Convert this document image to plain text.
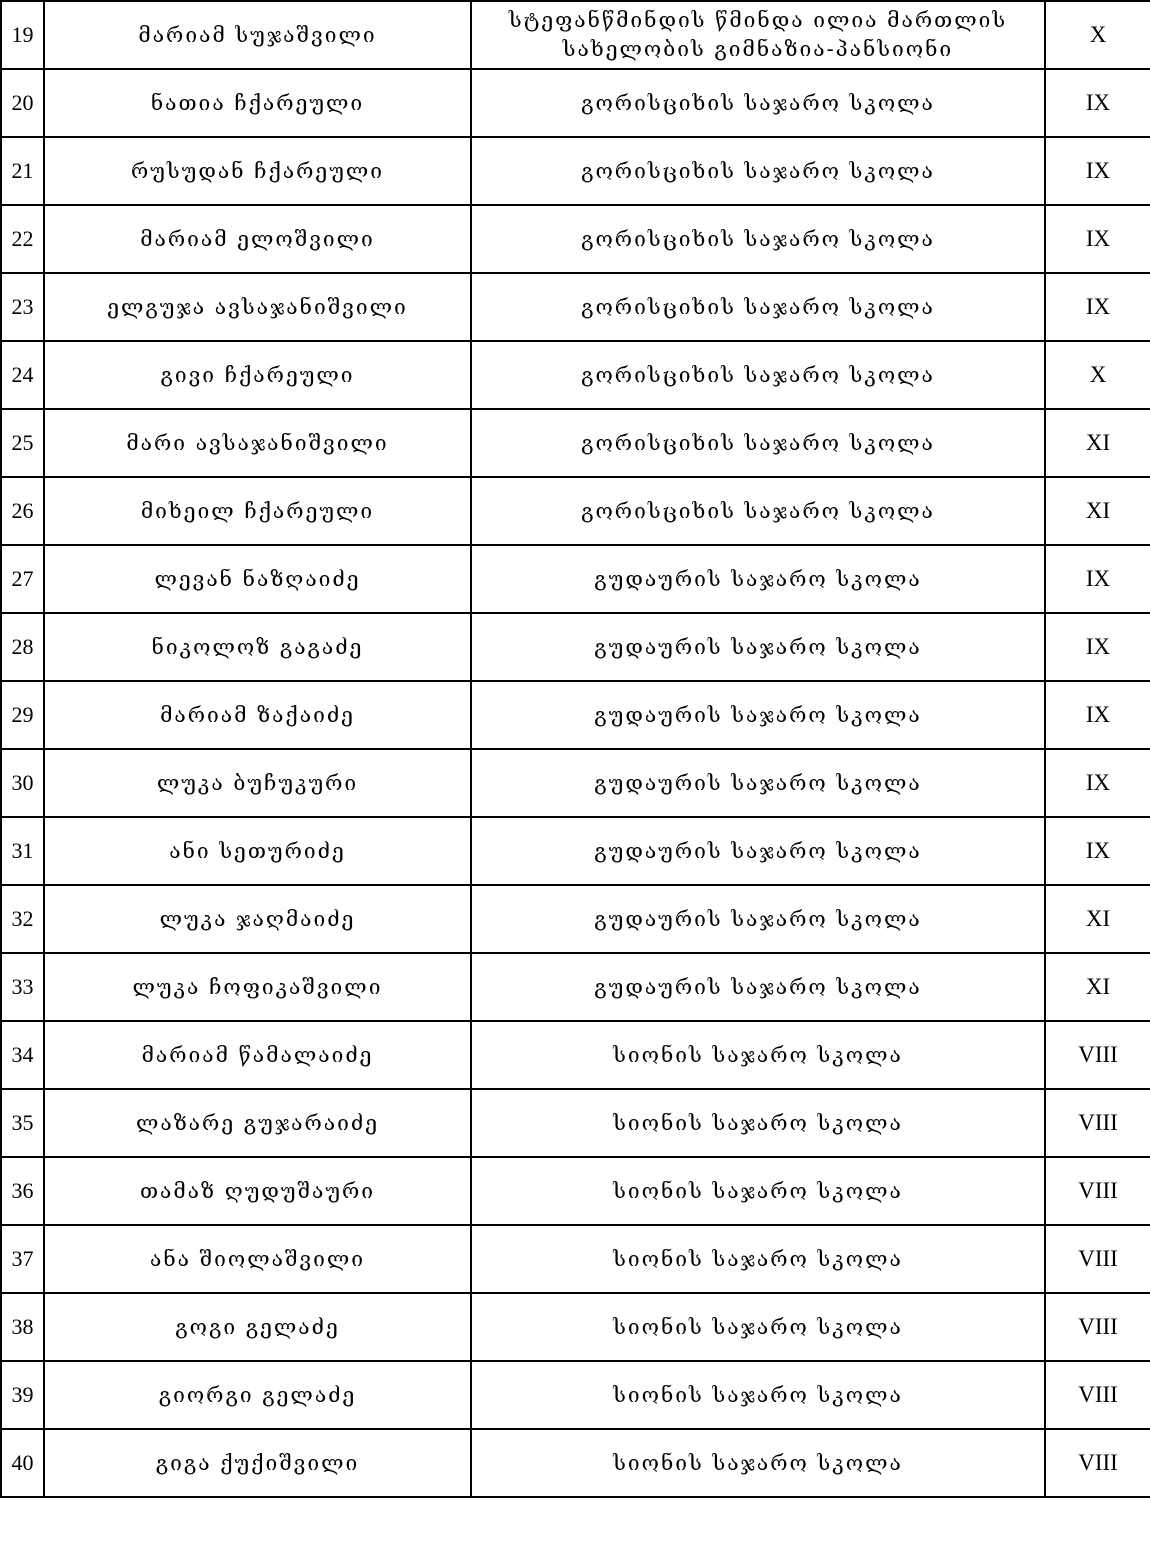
19	მარიამ სუჯაშვილი	სტეფანწმინდის წმინდა ილია მართლის სახელობის გიმნაზია-პანსიონი	X
20	ნათია ჩქარეული	გორისციხის საჯარო სკოლა	IX
21	რუსუდან ჩქარეული	გორისციხის საჯარო სკოლა	IX
22	მარიამ ელოშვილი	გორისციხის საჯარო სკოლა	IX
23	ელგუჯა ავსაჯანიშვილი	გორისციხის საჯარო სკოლა	IX
24	გივი ჩქარეული	გორისციხის საჯარო სკოლა	X
25	მარი ავსაჯანიშვილი	გორისციხის საჯარო სკოლა	XI
26	მიხეილ ჩქარეული	გორისციხის საჯარო სკოლა	XI
27	ლევან ნაზღაიძე	გუდაურის საჯარო სკოლა	IX
28	ნიკოლოზ გაგაძე	გუდაურის საჯარო სკოლა	IX
29	მარიამ ზაქაიძე	გუდაურის საჯარო სკოლა	IX
30	ლუკა ბუჩუკური	გუდაურის საჯარო სკოლა	IX
31	ანი სეთურიძე	გუდაურის საჯარო სკოლა	IX
32	ლუკა ჯაღმაიძე	გუდაურის საჯარო სკოლა	XI
33	ლუკა ჩოფიკაშვილი	გუდაურის საჯარო სკოლა	XI
34	მარიამ წამალაიძე	სიონის საჯარო სკოლა	VIII
35	ლაზარე გუჯარაიძე	სიონის საჯარო სკოლა	VIII
36	თამაზ ღუდუშაური	სიონის საჯარო სკოლა	VIII
37	ანა შიოლაშვილი	სიონის საჯარო სკოლა	VIII
38	გოგი გელაძე	სიონის საჯარო სკოლა	VIII
39	გიორგი გელაძე	სიონის საჯარო სკოლა	VIII
40	გიგა ქუქიშვილი	სიონის საჯარო სკოლა	VIII
